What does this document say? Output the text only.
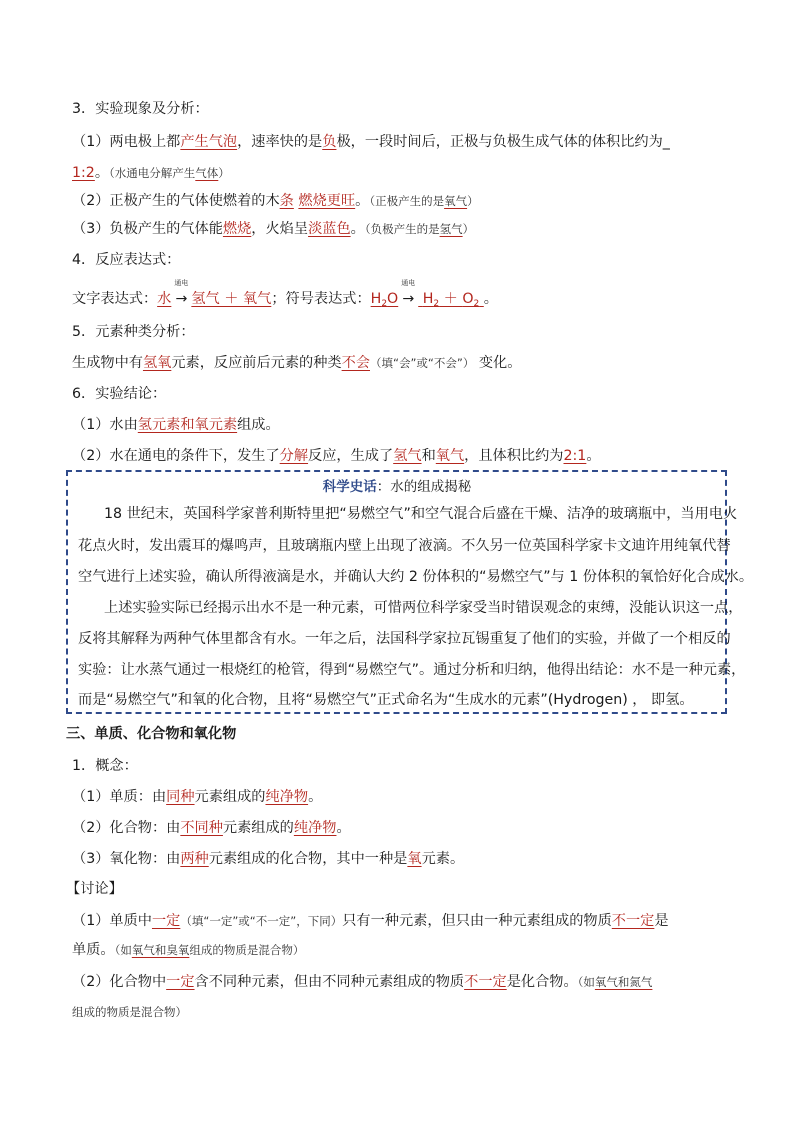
3．实验现象及分析：
（1）两电极上都产生气泡，速率快的是负极，一段时间后，正极与负极生成气体的体积比约为_
1:2。（水通电分解产生气体）
（2）正极产生的气体使燃着的木条 燃烧更旺。（正极产生的是氧气）
（3）负极产生的气体能燃烧，火焰呈淡蓝色。（负极产生的是氢气）
4．反应表达式：
文字表达式：水
通电
→ 氢气 ＋ 氧气；符号表达式：$H_2O$
通电
→ $H_2 + O_2$ 。
5．元素种类分析：
生成物中有氢氧元素，反应前后元素的种类不会（填“会”或“不会”） 变化。
6．实验结论：
（1）水由氢元素和氧元素组成。
（2）水在通电的条件下，发生了分解反应，生成了氢气和氧气，且体积比约为2:1。
科学史话：水的组成揭秘
18 世纪末，英国科学家普利斯特里把“易燃空气”和空气混合后盛在干燥、洁净的玻璃瓶中，当用电火
花点火时，发出震耳的爆鸣声，且玻璃瓶内壁上出现了液滴。不久另一位英国科学家卡文迪许用纯氧代替
空气进行上述实验，确认所得液滴是水，并确认大约 2 份体积的“易燃空气”与 1 份体积的氧恰好化合成水。
上述实验实际已经揭示出水不是一种元素，可惜两位科学家受当时错误观念的束缚，没能认识这一点，
反将其解释为两种气体里都含有水。一年之后，法国科学家拉瓦锡重复了他们的实验，并做了一个相反的
实验：让水蒸气通过一根烧红的枪管，得到“易燃空气”。通过分析和归纳，他得出结论：水不是一种元素，
而是“易燃空气”和氧的化合物，且将“易燃空气”正式命名为“生成水的元素”(Hydrogen) ， 即氢。
三、单质、化合物和氧化物
1．概念：
（1）单质：由同种元素组成的纯净物。
（2）化合物：由不同种元素组成的纯净物。
（3）氧化物：由两种元素组成的化合物，其中一种是氧元素。
【讨论】
（1）单质中一定（填“一定”或“不一定”，下同）只有一种元素，但只由一种元素组成的物质不一定是
单质。（如氧气和臭氧组成的物质是混合物）
（2）化合物中一定含不同种元素，但由不同种元素组成的物质不一定是化合物。（如氧气和氮气
组成的物质是混合物）
